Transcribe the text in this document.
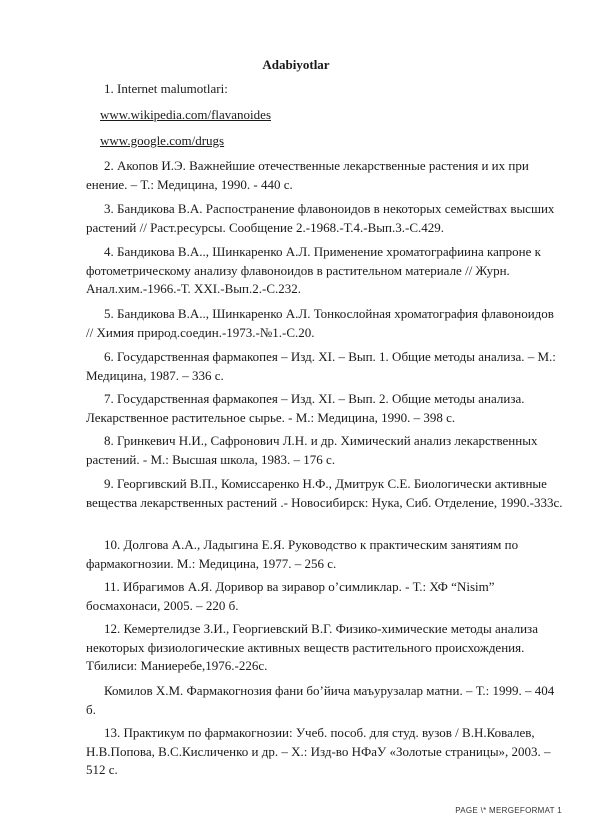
Adabiyotlar
1. Internet malumotlari:
www.wikipedia.com/flavanoides
www.google.com/drugs
2. Акопов И.Э. Важнейшие отечественные лекарственные растения и их при енение. – Т.: Медицина, 1990. - 440 с.
3. Бандикова В.А. Распостранение флавоноидов в некоторых семействах высших растений // Раст.ресурсы. Сообщение 2.-1968.-Т.4.-Вып.3.-С.429.
4. Бандикова В.А.., Шинкаренко А.Л. Применение хроматографиина капроне к фотометрическому анализу флавоноидов в растительном материале // Журн. Анал.хим.-1966.-Т. XXI.-Вып.2.-С.232.
5. Бандикова В.А.., Шинкаренко А.Л. Тонкослойная хроматография флавоноидов // Химия природ.соедин.-1973.-№1.-С.20.
6. Государственная фармакопея – Изд. XI. – Вып. 1. Общие методы анализа. – М.: Медицина, 1987. – 336 с.
7. Государственная фармакопея – Изд. XI. – Вып. 2. Общие методы анализа. Лекарственное растительное сырье. - М.: Медицина, 1990. – 398 с.
8. Гринкевич Н.И., Сафронович Л.Н. и др. Химический анализ лекарственных растений. - М.: Высшая школа, 1983. – 176 с.
9. Георгивский В.П., Комиссаренко Н.Ф., Дмитрук С.Е. Биологически активные вещества лекарственных растений .- Новосибирск: Нука, Сиб. Отделение, 1990.-333с.
10. Долгова А.А., Ладыгина Е.Я. Руководство к практическим занятиям по фармакогнозии. М.: Медицина, 1977. – 256 с.
11. Ибрагимов А.Я. Доривор ва зиравор о’симликлар. - Т.: ХФ “Nisim” босмахонаси, 2005. – 220 б.
12. Кемертелидзе З.И., Георгиевский В.Г. Физико-химические методы анализа некоторых физиологические активных веществ растительного происхождения. Тбилиси: Маниеребе,1976.-226с.
Комилов Х.М. Фармакогнозия фани бо’йича маъурузалар матни. – Т.: 1999. – 404 б.
13. Практикум по фармакогнозии: Учеб. пособ. для студ. вузов / В.Н.Ковалев, Н.В.Попова, В.С.Кисличенко и др. – Х.: Изд-во НФаУ «Золотые страницы», 2003. – 512 с.
PAGE \* MERGEFORMAT 1
